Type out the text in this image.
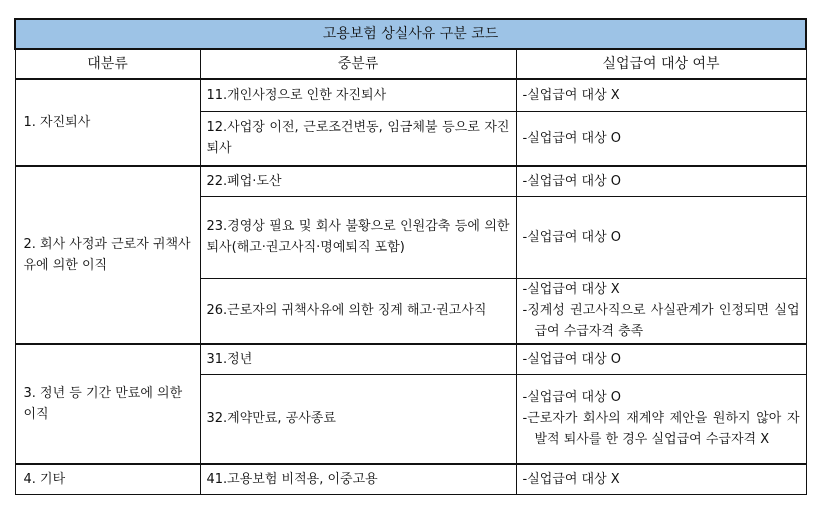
고용보험 상실사유 구분 코드		
대분류	중분류	실업급여 대상 여부
1. 자진퇴사	11.개인사정으로 인한 자진퇴사	-실업급여 대상 X

	12.사업장 이전, 근로조건변동, 임금체불 등으로 자진퇴사	-실업급여 대상 O

2. 회사 사정과 근로자 귀책사유에 의한 이직	22.폐업·도산	-실업급여 대상 O

	23.경영상 필요 및 회사 불황으로 인원감축 등에 의한 퇴사(해고·권고사직·명예퇴직 포함)	-실업급여 대상 O

	26.근로자의 귀책사유에 의한 징계 해고·권고사직	-실업급여 대상 X
-징계성 권고사직으로 사실관계가 인정되면 실업급여 수급자격 충족

3. 정년 등 기간 만료에 의한 이직	31.정년	-실업급여 대상 O

	32.계약만료, 공사종료	-실업급여 대상 O
-근로자가 회사의 재계약 제안을 원하지 않아 자발적 퇴사를 한 경우 실업급여 수급자격 X

4. 기타	41.고용보험 비적용, 이중고용	-실업급여 대상 X
